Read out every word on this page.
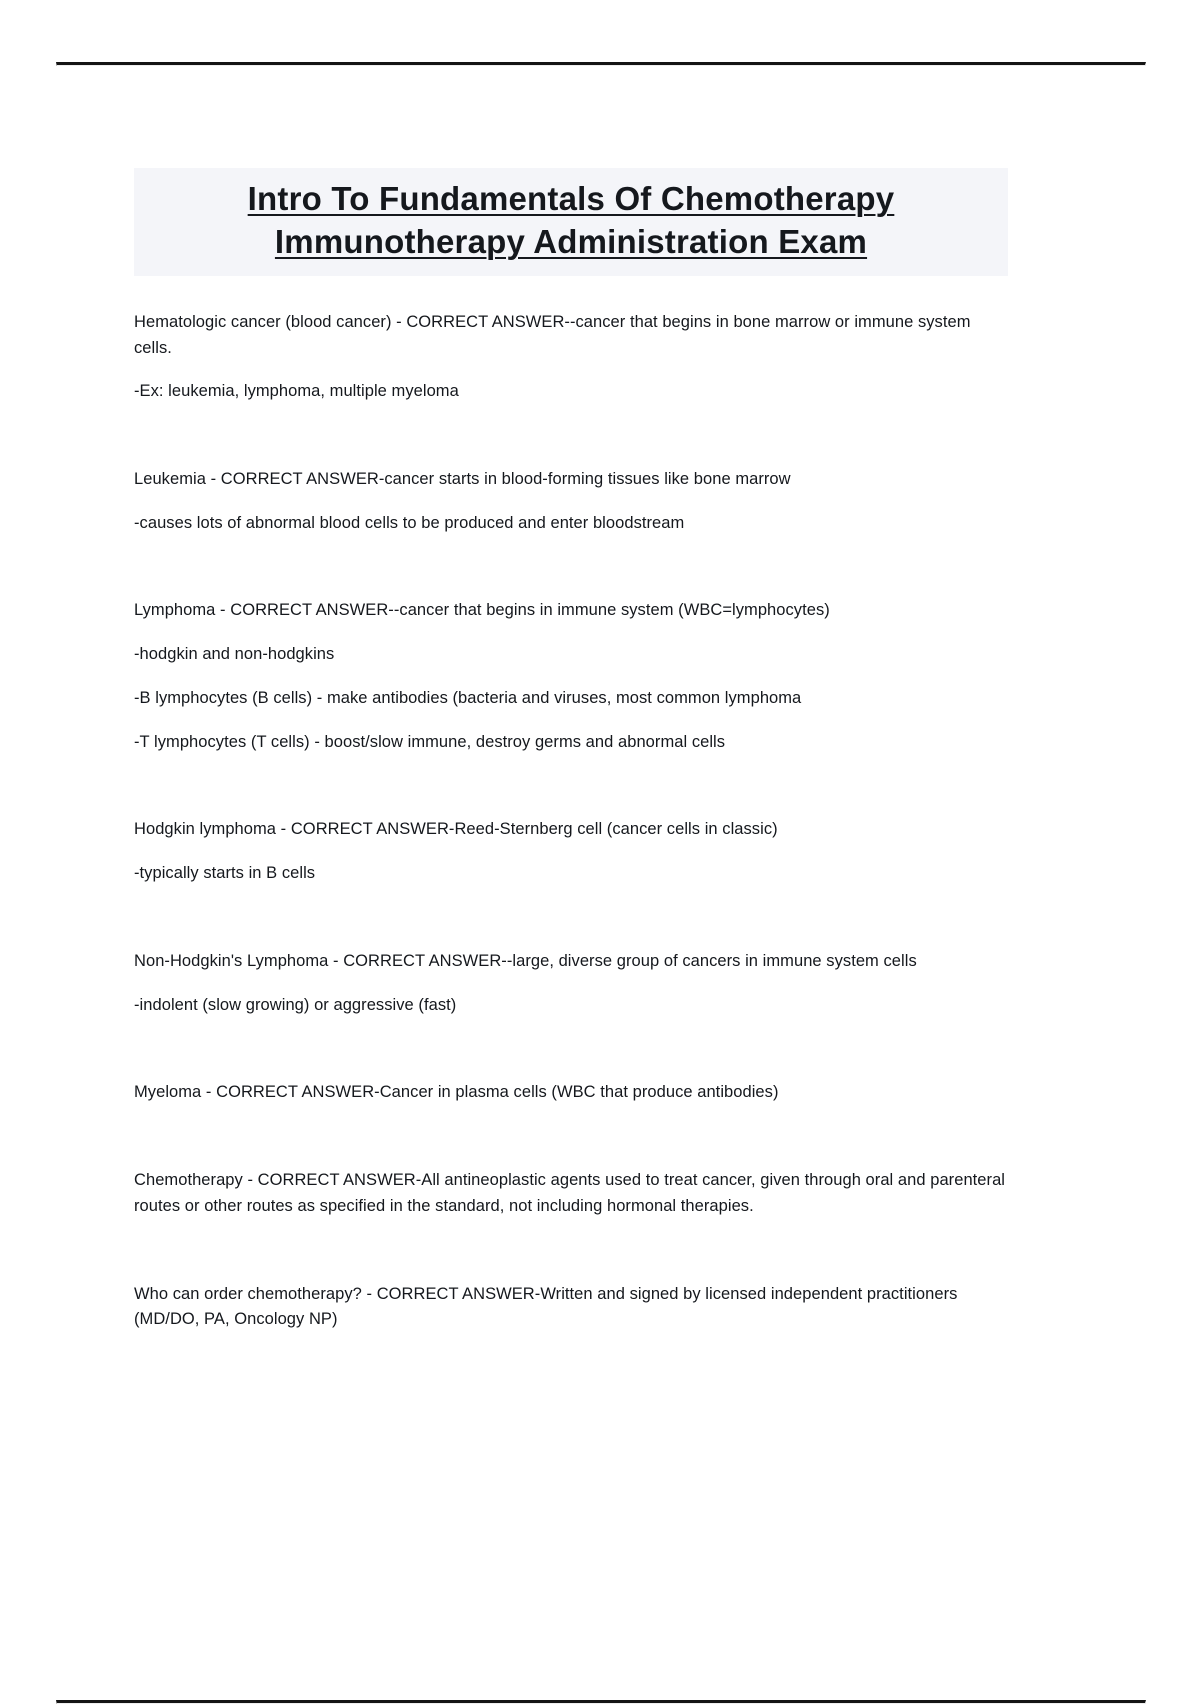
Intro To Fundamentals Of Chemotherapy
Immunotherapy Administration Exam

Hematologic cancer (blood cancer) - CORRECT ANSWER--cancer that begins in bone marrow or immune system cells.

-Ex: leukemia, lymphoma, multiple myeloma

Leukemia - CORRECT ANSWER-cancer starts in blood-forming tissues like bone marrow

-causes lots of abnormal blood cells to be produced and enter bloodstream

Lymphoma - CORRECT ANSWER--cancer that begins in immune system (WBC=lymphocytes)

-hodgkin and non-hodgkins

-B lymphocytes (B cells) - make antibodies (bacteria and viruses, most common lymphoma

-T lymphocytes (T cells) - boost/slow immune, destroy germs and abnormal cells

Hodgkin lymphoma - CORRECT ANSWER-Reed-Sternberg cell (cancer cells in classic)

-typically starts in B cells

Non-Hodgkin's Lymphoma - CORRECT ANSWER--large, diverse group of cancers in immune system cells

-indolent (slow growing) or aggressive (fast)

Myeloma - CORRECT ANSWER-Cancer in plasma cells (WBC that produce antibodies)

Chemotherapy - CORRECT ANSWER-All antineoplastic agents used to treat cancer, given through oral and parenteral routes or other routes as specified in the standard, not including hormonal therapies.

Who can order chemotherapy? - CORRECT ANSWER-Written and signed by licensed independent practitioners (MD/DO, PA, Oncology NP)
